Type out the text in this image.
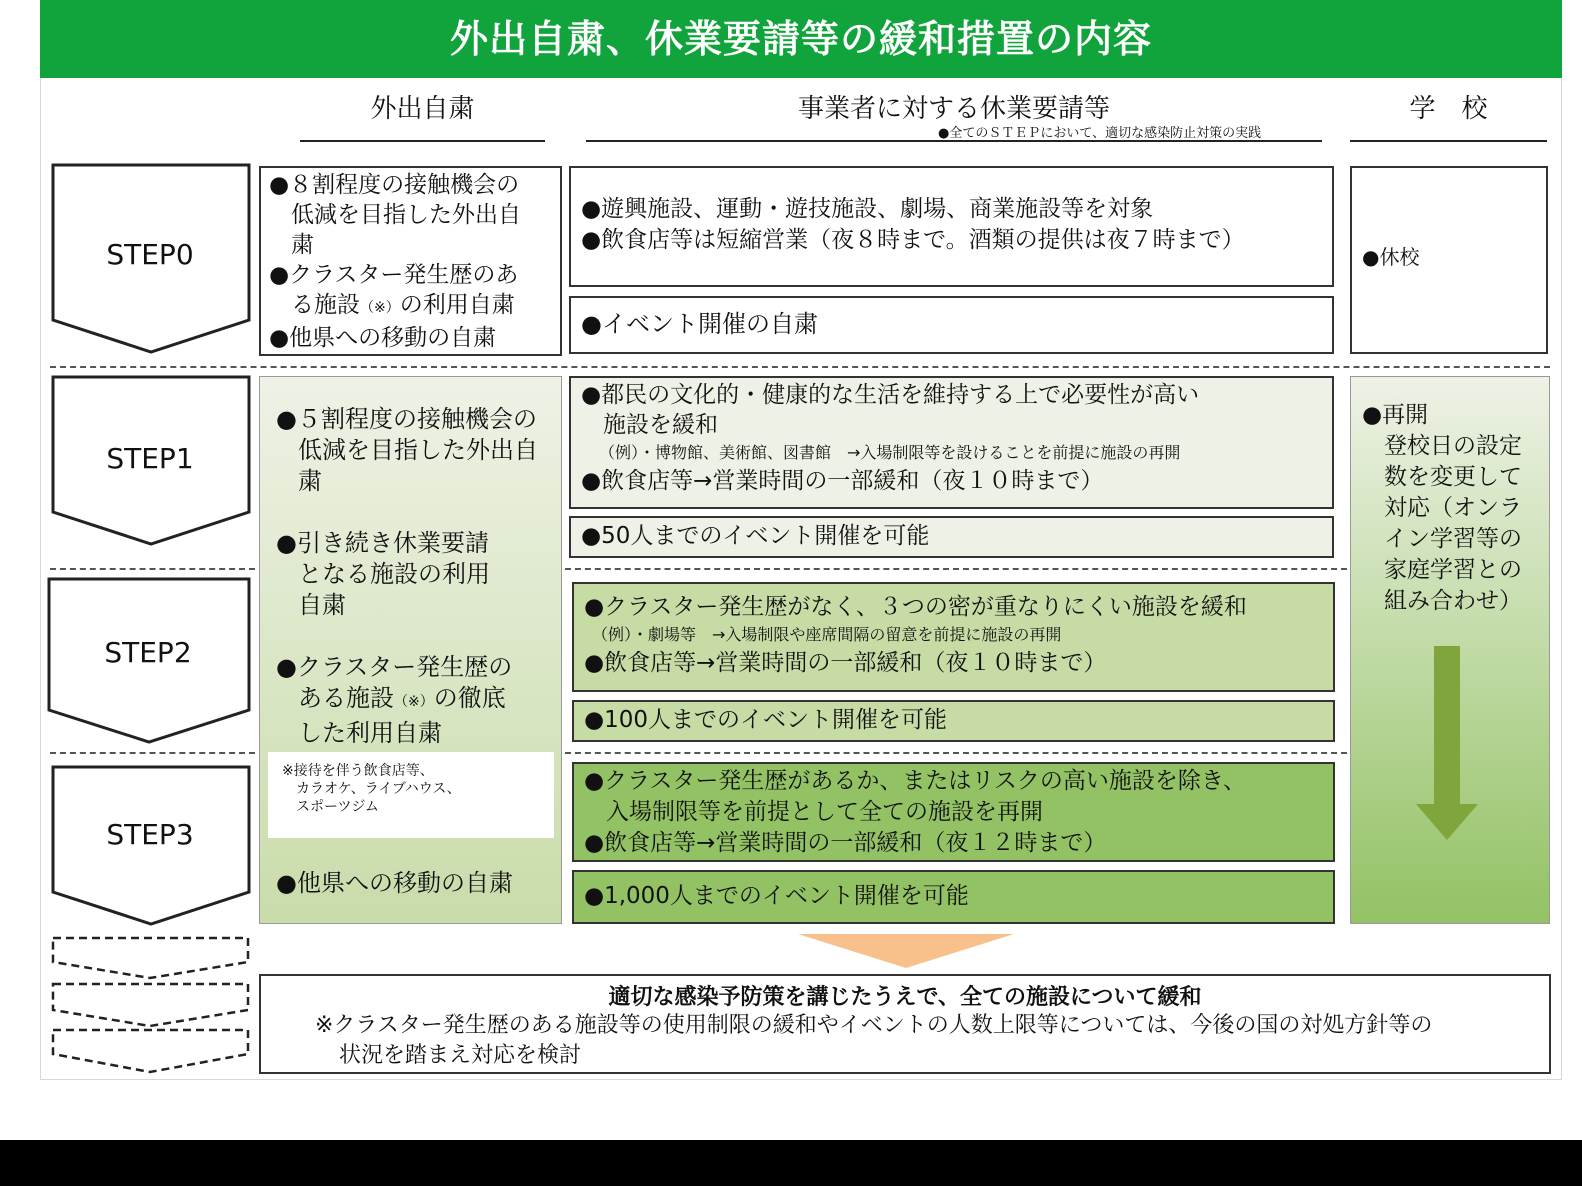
外出自粛、休業要請等の緩和措置の内容
外出自粛	事業者に対する休業要請等
●全てのＳＴＥＰにおいて、適切な感染防止対策の実践
学　校
STEP0
STEP1
STEP2
STEP3

●８割程度の接触機会の

低減を目指した外出自

粛

●クラスター発生歴のあ

る施設（※）の利用自粛

●他県への移動の自粛

●遊興施設、運動・遊技施設、劇場、商業施設等を対象

●飲食店等は短縮営業（夜８時まで。酒類の提供は夜７時まで）

●イベント開催の自粛

●休校

●５割程度の接触機会の

低減を目指した外出自

粛

●引き続き休業要請

となる施設の利用

自粛

●クラスター発生歴の

ある施設（※）の徹底

した利用自粛

※接待を伴う飲食店等、
カラオケ、ライブハウス、
スポーツジム

●他県への移動の自粛

●都民の文化的・健康的な生活を維持する上で必要性が高い

施設を緩和

（例）・博物館、美術館、図書館　→入場制限等を設けることを前提に施設の再開

●飲食店等→営業時間の一部緩和（夜１０時まで）

●50人までのイベント開催を可能

●クラスター発生歴がなく、３つの密が重なりにくい施設を緩和

（例）・劇場等　→入場制限や座席間隔の留意を前提に施設の再開

●飲食店等→営業時間の一部緩和（夜１０時まで）

●100人までのイベント開催を可能

●クラスター発生歴があるか、またはリスクの高い施設を除き、

入場制限等を前提として全ての施設を再開

●飲食店等→営業時間の一部緩和（夜１２時まで）

●1,000人までのイベント開催を可能

●再開
登校日の設定
数を変更して
対応（オンラ
イン学習等の
家庭学習との
組み合わせ）
適切な感染予防策を講じたうえで、全ての施設について緩和
※クラスター発生歴のある施設等の使用制限の緩和やイベントの人数上限等については、今後の国の対処方針等の
状況を踏まえ対応を検討
